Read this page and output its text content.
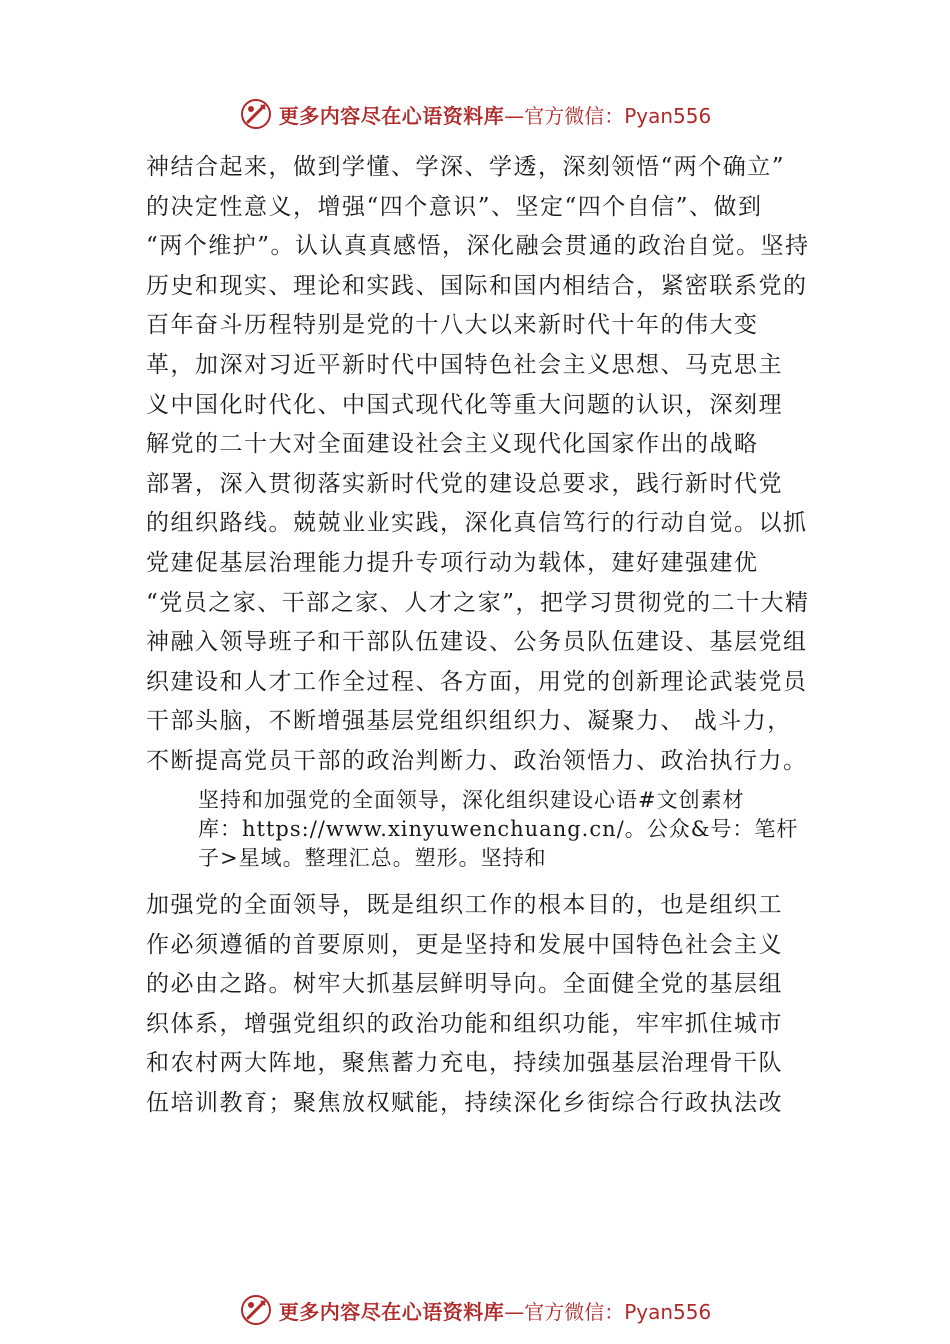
更多内容尽在心语资料库 —官方微信：Pyan556
神结合起来，做到学懂、学深、学透，深刻领悟“两个确立”
的决定性意义，增强“四个意识”、坚定“四个自信”、做到
“两个维护”。认认真真感悟，深化融会贯通的政治自觉。坚持
历史和现实、理论和实践、国际和国内相结合，紧密联系党的
百年奋斗历程特别是党的十八大以来新时代十年的伟大变
革，加深对习近平新时代中国特色社会主义思想、马克思主
义中国化时代化、中国式现代化等重大问题的认识，深刻理
解党的二十大对全面建设社会主义现代化国家作出的战略
部署，深入贯彻落实新时代党的建设总要求，践行新时代党
的组织路线。兢兢业业实践，深化真信笃行的行动自觉。以抓
党建促基层治理能力提升专项行动为载体，建好建强建优
“党员之家、干部之家、人才之家”，把学习贯彻党的二十大精
神融入领导班子和干部队伍建设、公务员队伍建设、基层党组
织建设和人才工作全过程、各方面，用党的创新理论武装党员
干部头脑，不断增强基层党组织组织力、凝聚力、 战斗力，
不断提高党员干部的政治判断力、政治领悟力、政治执行力。
坚持和加强党的全面领导，深化组织建设心语#文创素材
库：https://www.xinyuwenchuang.cn/。公众&号：笔杆
子>星域。整理汇总。塑形。坚持和
加强党的全面领导，既是组织工作的根本目的，也是组织工
作必须遵循的首要原则，更是坚持和发展中国特色社会主义
的必由之路。树牢大抓基层鲜明导向。全面健全党的基层组
织体系，增强党组织的政治功能和组织功能，牢牢抓住城市
和农村两大阵地，聚焦蓄力充电，持续加强基层治理骨干队
伍培训教育；聚焦放权赋能，持续深化乡街综合行政执法改
更多内容尽在心语资料库 —官方微信：Pyan556
